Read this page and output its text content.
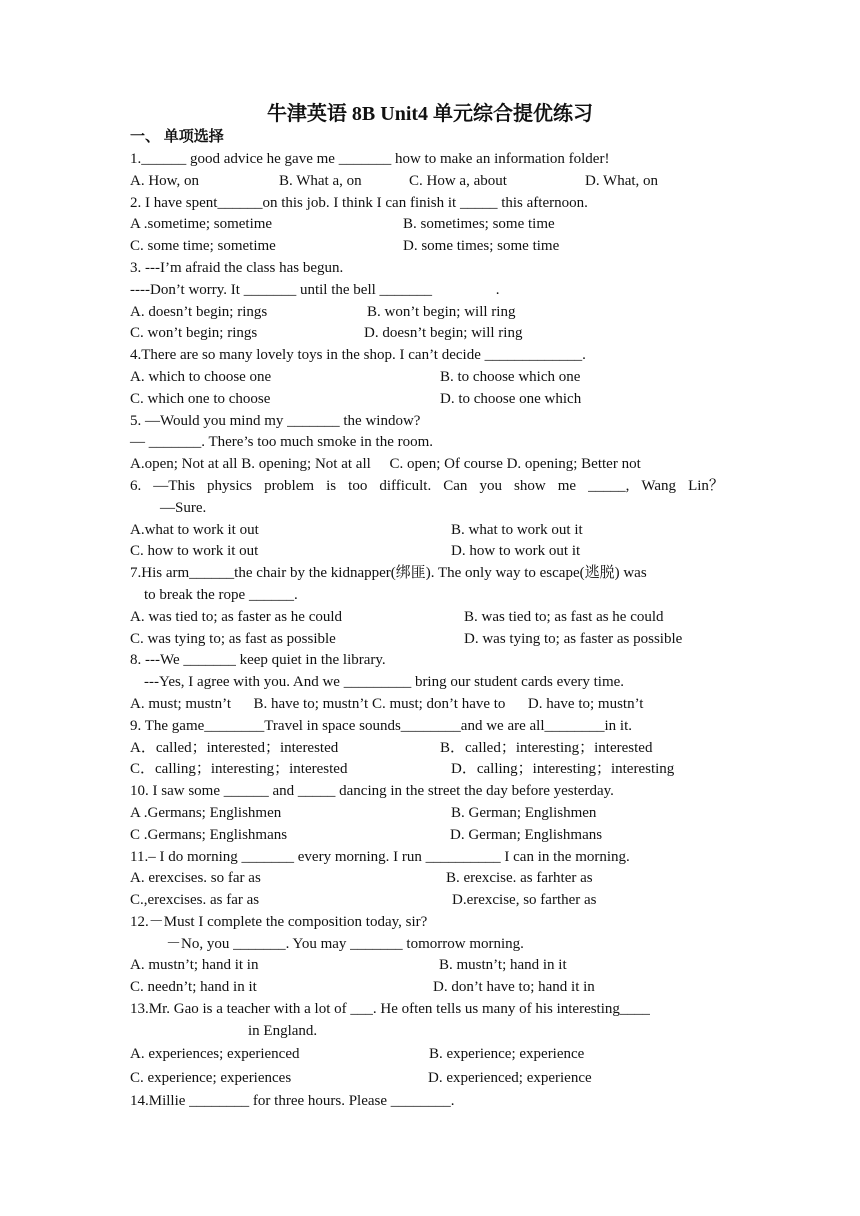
牛津英语 8B Unit4 单元综合提优练习
一、 单项选择
1.______ good advice he gave me _______ how to make an information folder!
A. How, on	B. What a, on	C. How a, about	D. What, on
2. I have spent______on this job. I think I can finish it _____ this afternoon.
A .sometime; sometime	B. sometimes; some time
C. some time; sometime	D. some times; some time
3. ---I’m afraid the class has begun.
----Don’t worry. It _______ until the bell _______                 .
A. doesn’t begin; rings	B. won’t begin; will ring
C. won’t begin; rings	D. doesn’t begin; will ring
4.There are so many lovely toys in the shop. I can’t decide _____________.
A. which to choose one	B. to choose which one
C. which one to choose	D. to choose one which
5. —Would you mind my _______ the window?
— _______. There’s too much smoke in the room.
A.open; Not at all B. opening; Not at all     C. open; Of course D. opening; Better not
6. —This physics problem is too difficult. Can you show me _____, Wang Lin？
—Sure.
A.what to work it out	B. what to work out it
C. how to work it out	D. how to work out it
7.His arm______the chair by the kidnapper(绑匪). The only way to escape(逃脱) was
to break the rope ______.
A. was tied to; as faster as he could	B. was tied to; as fast as he could
C. was tying to; as fast as possible	D. was tying to; as faster as possible
8. ---We _______ keep quiet in the library.
---Yes, I agree with you. And we _________ bring our student cards every time.
A. must; mustn’t      B. have to; mustn’t C. must; don’t have to      D. have to; mustn’t
9. The game________Travel in space sounds________and we are all________in it.
A．called；interested；interested	B．called；interesting；interested
C．calling；interesting；interested	D．calling；interesting；interesting
10. I saw some ______ and _____ dancing in the street the day before yesterday.
A .Germans; Englishmen	B. German; Englishmen
C .Germans; Englishmans	D. German; Englishmans
11.– I do morning _______ every morning. I run __________ I can in the morning.
A. erexcises. so far as	B. erexcise. as farhter as
C.,erexcises. as far as	D.erexcise, so farther as
12.－Must I complete the composition today, sir?
－No, you _______. You may _______ tomorrow morning.
A. mustn’t; hand it in	B. mustn’t; hand in it
C. needn’t; hand in it	D. don’t have to; hand it in
13.Mr. Gao is a teacher with a lot of ___. He often tells us many of his interesting____
in England.
A. experiences; experienced	B. experience; experience
C. experience; experiences	D. experienced; experience
14.Millie ________ for three hours. Please ________.
